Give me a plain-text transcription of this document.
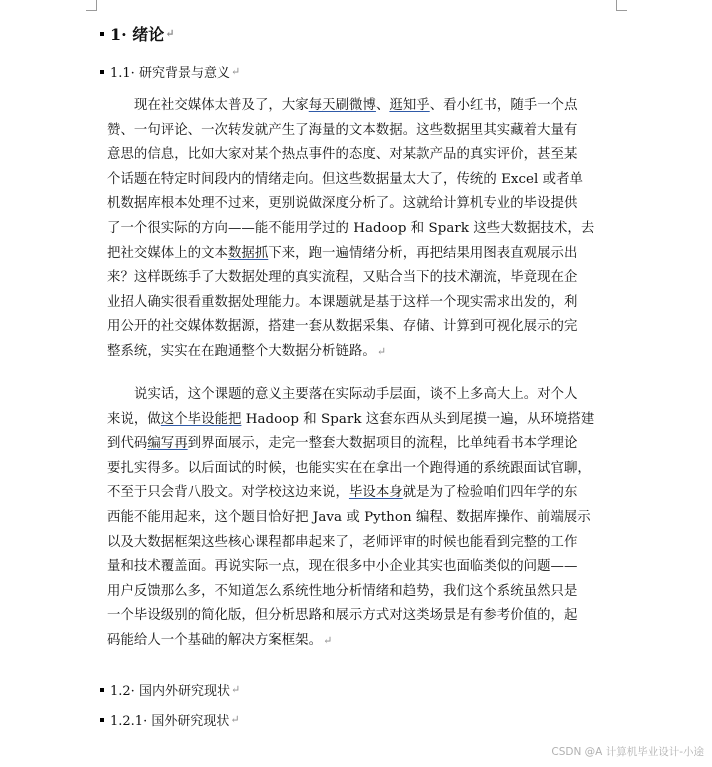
1· 绪论 ↵
1.1· 研究背景与意义 ↵
现在社交媒体太普及了，大家每天刷微博、逛知乎、看小红书，随手一个点
赞、一句评论、一次转发就产生了海量的文本数据。这些数据里其实藏着大量有
意思的信息，比如大家对某个热点事件的态度、对某款产品的真实评价，甚至某
个话题在特定时间段内的情绪走向。但这些数据量太大了，传统的 Excel 或者单
机数据库根本处理不过来，更别说做深度分析了。这就给计算机专业的毕设提供
了一个很实际的方向——能不能用学过的 Hadoop 和 Spark 这些大数据技术，去
把社交媒体上的文本数据抓下来，跑一遍情绪分析，再把结果用图表直观展示出
来？这样既练手了大数据处理的真实流程，又贴合当下的技术潮流，毕竟现在企
业招人确实很看重数据处理能力。本课题就是基于这样一个现实需求出发的，利
用公开的社交媒体数据源，搭建一套从数据采集、存储、计算到可视化展示的完
整系统，实实在在跑通整个大数据分析链路。↵
说实话，这个课题的意义主要落在实际动手层面，谈不上多高大上。对个人
来说，做这个毕设能把 Hadoop 和 Spark 这套东西从头到尾摸一遍，从环境搭建
到代码编写再到界面展示，走完一整套大数据项目的流程，比单纯看书本学理论
要扎实得多。以后面试的时候，也能实实在在拿出一个跑得通的系统跟面试官聊，
不至于只会背八股文。对学校这边来说，毕设本身就是为了检验咱们四年学的东
西能不能用起来，这个题目恰好把 Java 或 Python 编程、数据库操作、前端展示
以及大数据框架这些核心课程都串起来了，老师评审的时候也能看到完整的工作
量和技术覆盖面。再说实际一点，现在很多中小企业其实也面临类似的问题——
用户反馈那么多，不知道怎么系统性地分析情绪和趋势，我们这个系统虽然只是
一个毕设级别的简化版，但分析思路和展示方式对这类场景是有参考价值的，起
码能给人一个基础的解决方案框架。↵
1.2· 国内外研究现状 ↵
1.2.1· 国外研究现状 ↵
CSDN @A 计算机毕业设计-小途
